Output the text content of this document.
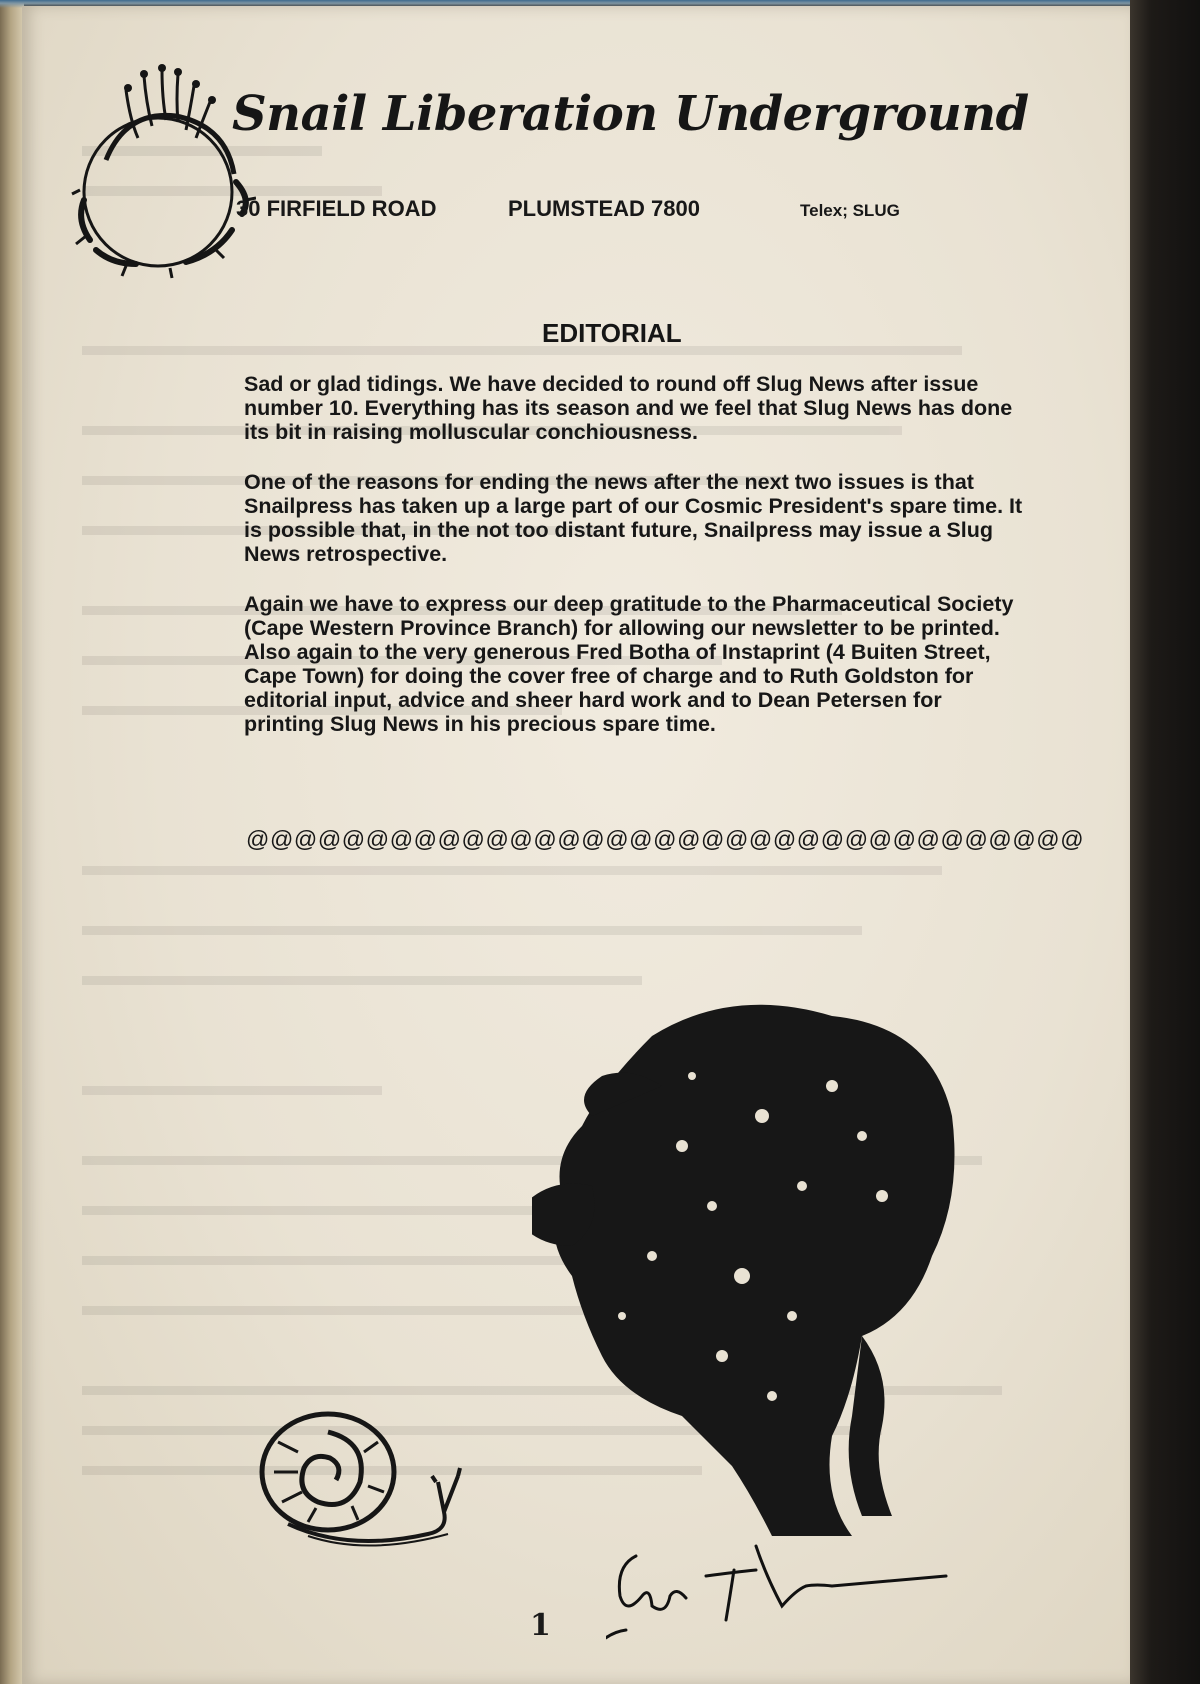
Snail Liberation Underground
30 FIRFIELD ROAD	PLUMSTEAD 7800	Telex; SLUG
EDITORIAL

Sad or glad tidings. We have decided to round off Slug News after issue number 10. Everything has its season and we feel that Slug News has done its bit in raising molluscular conchiousness.

One of the reasons for ending the news after the next two issues is that Snailpress has taken up a large part of our Cosmic President's spare time. It is possible that, in the not too distant future, Snailpress may issue a Slug News retrospective.

Again we have to express our deep gratitude to the Pharmaceutical Society (Cape Western Province Branch) for allowing our newsletter to be printed. Also again to the very generous Fred Botha of Instaprint (4 Buiten Street, Cape Town) for doing the cover free of charge and to Ruth Goldston for editorial input, advice and sheer hard work and to Dean Petersen for printing Slug News in his precious spare time.

@@@@@@@@@@@@@@@@@@@@@@@@@@@@@@@@@@@
1
